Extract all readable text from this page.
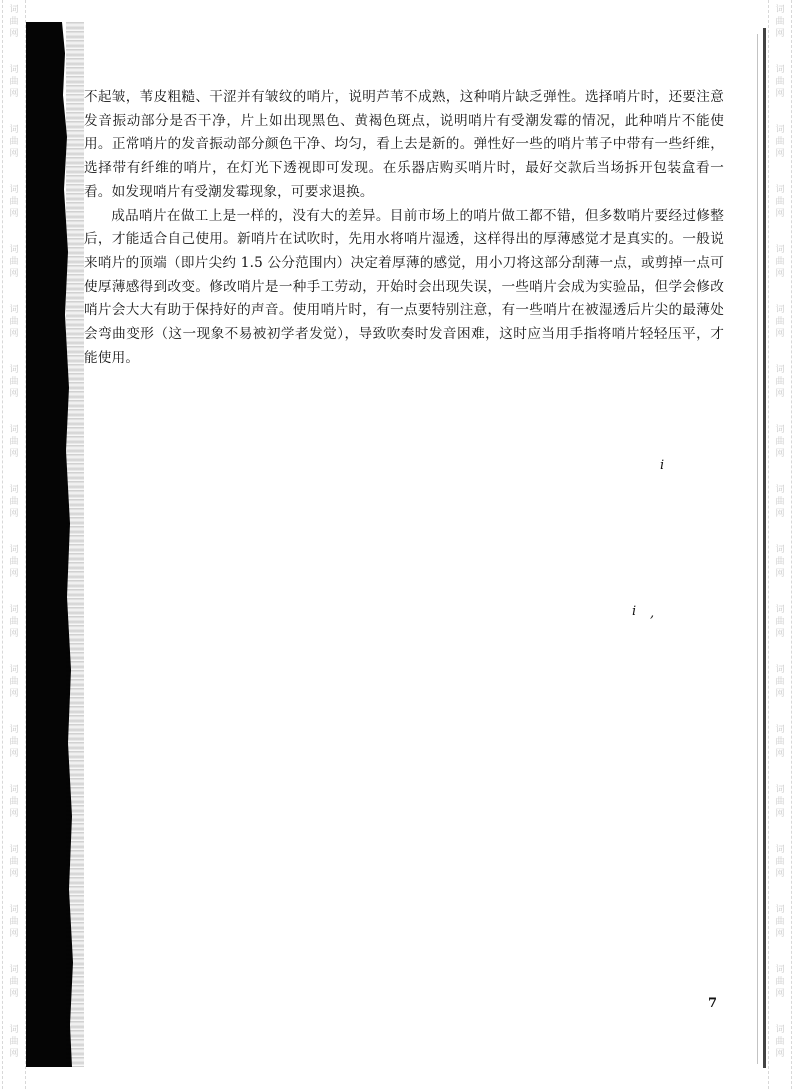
词
曲
网
词
曲
网
词
曲
网
词
曲
网
词
曲
网
词
曲
网
词
曲
网
词
曲
网
词
曲
网
词
曲
网
词
曲
网
词
曲
网
词
曲
网
词
曲
网
词
曲
网
词
曲
网
词
曲
网
词
曲
网
词
曲
网
词
曲
网
词
曲
网
词
曲
网
词
曲
网
词
曲
网
词
曲
网
词
曲
网
词
曲
网
词
曲
网
词
曲
网
词
曲
网
词
曲
网
词
曲
网
词
曲
网
词
曲
网
词
曲
网
词
曲
网

不起皱，苇皮粗糙、干涩并有皱纹的哨片，说明芦苇不成熟，这种哨片缺乏弹性。选择哨片时，还要注意发音振动部分是否干净，片上如出现黑色、黄褐色斑点，说明哨片有受潮发霉的情况，此种哨片不能使用。正常哨片的发音振动部分颜色干净、均匀，看上去是新的。弹性好一些的哨片苇子中带有一些纤维，选择带有纤维的哨片，在灯光下透视即可发现。在乐器店购买哨片时，最好交款后当场拆开包装盒看一看。如发现哨片有受潮发霉现象，可要求退换。

成品哨片在做工上是一样的，没有大的差异。目前市场上的哨片做工都不错，但多数哨片要经过修整后，才能适合自己使用。新哨片在试吹时，先用水将哨片湿透，这样得出的厚薄感觉才是真实的。一般说来哨片的顶端（即片尖约 1.5 公分范围内）决定着厚薄的感觉，用小刀将这部分刮薄一点，或剪掉一点可使厚薄感得到改变。修改哨片是一种手工劳动，开始时会出现失误，一些哨片会成为实验品，但学会修改哨片会大大有助于保持好的声音。使用哨片时，有一点要特别注意，有一些哨片在被湿透后片尖的最薄处会弯曲变形（这一现象不易被初学者发觉），导致吹奏时发音困难，这时应当用手指将哨片轻轻压平，才能使用。

i
i ,
7
